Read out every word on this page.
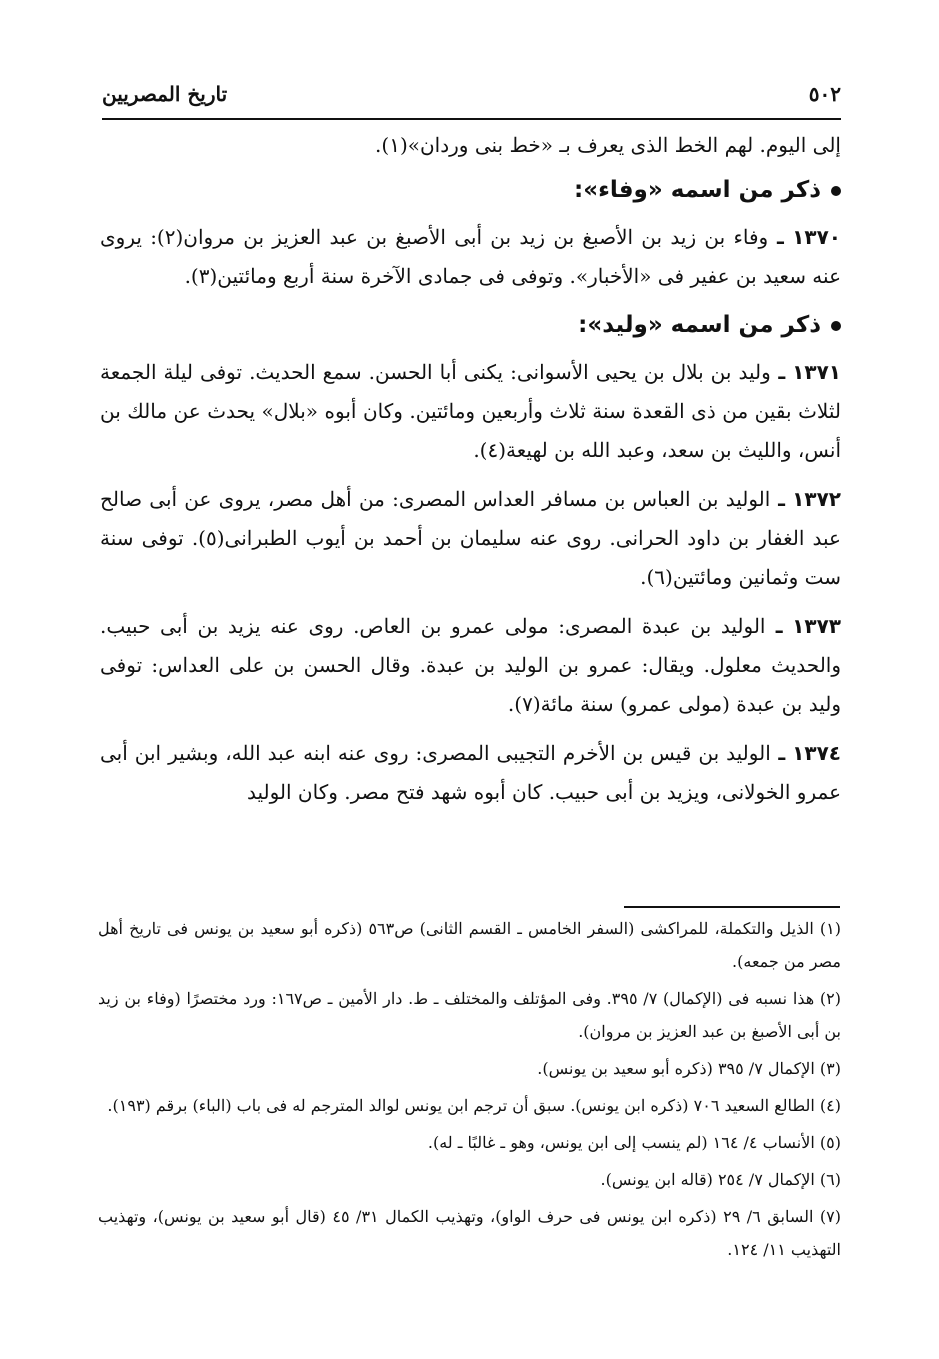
٥٠٢
تاريخ المصريين

إلى اليوم. لهم الخط الذى يعرف بـ «خط بنى وردان»(١).

ذكر من اسمه «وفاء»:

١٣٧٠ ـ وفاء بن زيد بن الأصبغ بن زيد بن أبى الأصبغ بن عبد العزيز بن مروان(٢): يروى عنه سعيد بن عفير فى «الأخبار». وتوفى فى جمادى الآخرة سنة أربع ومائتين(٣).

ذكر من اسمه «وليد»:

١٣٧١ ـ وليد بن بلال بن يحيى الأسوانى: يكنى أبا الحسن. سمع الحديث. توفى ليلة الجمعة لثلاث بقين من ذى القعدة سنة ثلاث وأربعين ومائتين. وكان أبوه «بلال» يحدث عن مالك بن أنس، والليث بن سعد، وعبد الله بن لهيعة(٤).

١٣٧٢ ـ الوليد بن العباس بن مسافر العداس المصرى: من أهل مصر، يروى عن أبى صالح عبد الغفار بن داود الحرانى. روى عنه سليمان بن أحمد بن أيوب الطبرانى(٥). توفى سنة ست وثمانين ومائتين(٦).

١٣٧٣ ـ الوليد بن عبدة المصرى: مولى عمرو بن العاص. روى عنه يزيد بن أبى حبيب. والحديث معلول. ويقال: عمرو بن الوليد بن عبدة. وقال الحسن بن على العداس: توفى وليد بن عبدة (مولى عمرو) سنة مائة(٧).

١٣٧٤ ـ الوليد بن قيس بن الأخرم التجيبى المصرى: روى عنه ابنه عبد الله، وبشير ابن أبى عمرو الخولانى، ويزيد بن أبى حبيب. كان أبوه شهد فتح مصر. وكان الوليد

(١) الذيل والتكملة، للمراكشى (السفر الخامس ـ القسم الثانى) ص٥٦٣ (ذكره أبو سعيد بن يونس فى تاريخ أهل مصر من جمعه).

(٢) هذا نسبه فى (الإكمال) ٧/ ٣٩٥. وفى المؤتلف والمختلف ـ ط. دار الأمين ـ ص١٦٧: ورد مختصرًا (وفاء بن زيد بن أبى الأصبغ بن عبد العزيز بن مروان).

(٣) الإكمال ٧/ ٣٩٥ (ذكره أبو سعيد بن يونس).

(٤) الطالع السعيد ٧٠٦ (ذكره ابن يونس). سبق أن ترجم ابن يونس لوالد المترجم له فى باب (الباء) برقم (١٩٣).

(٥) الأنساب ٤/ ١٦٤ (لم ينسب إلى ابن يونس، وهو ـ غالبًا ـ له).

(٦) الإكمال ٧/ ٢٥٤ (قاله ابن يونس).

(٧) السابق ٦/ ٢٩ (ذكره ابن يونس فى حرف الواو)، وتهذيب الكمال ٣١/ ٤٥ (قال أبو سعيد بن يونس)، وتهذيب التهذيب ١١/ ١٢٤.
